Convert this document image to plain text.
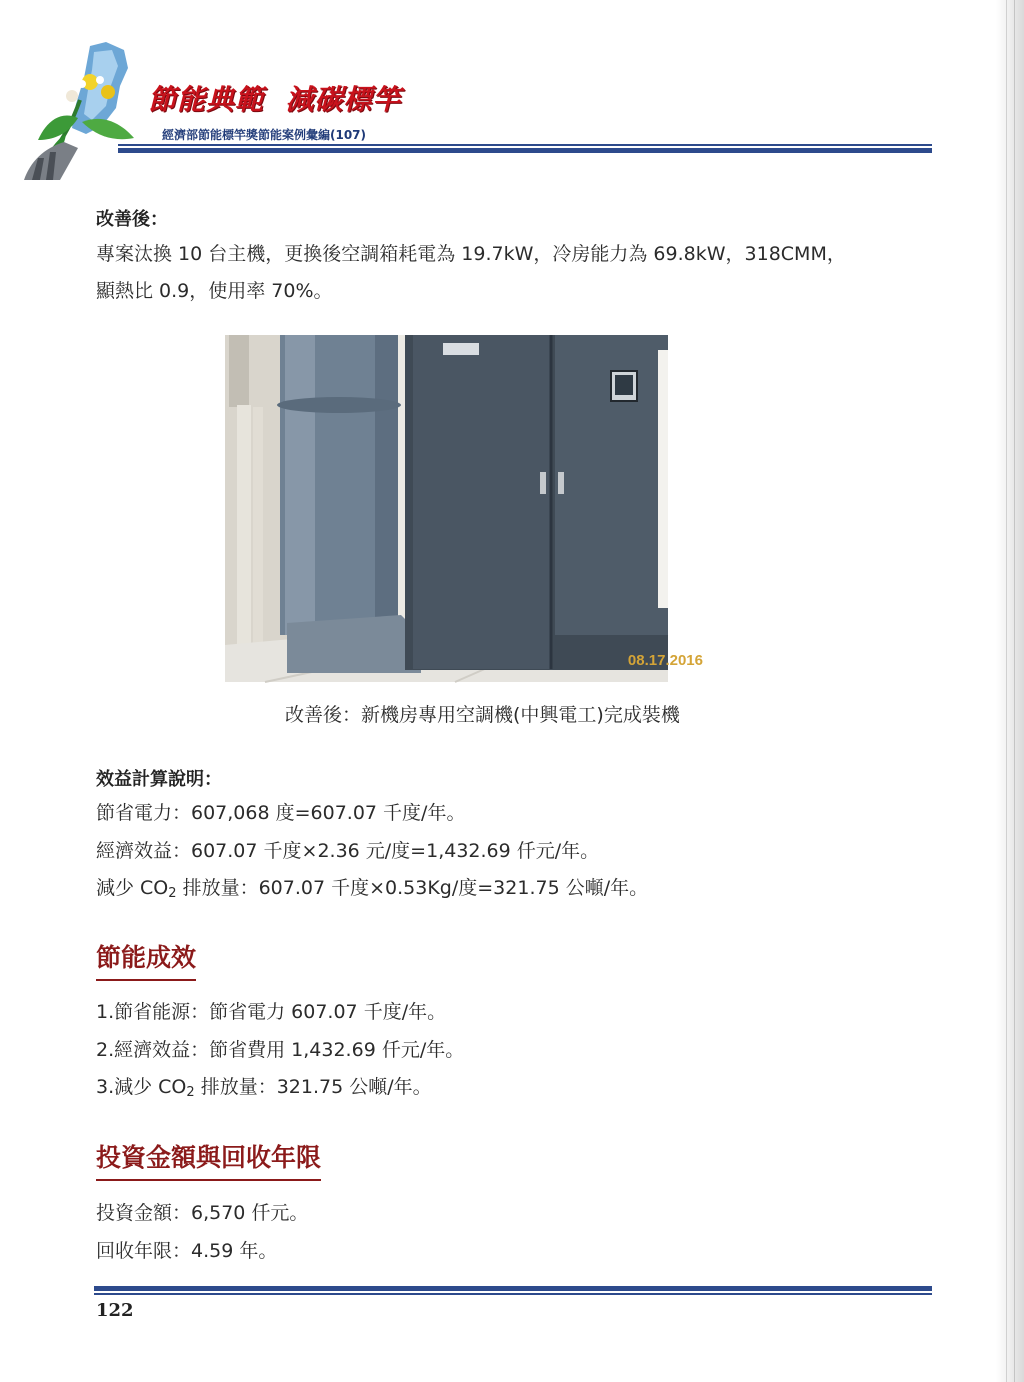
節能典範  減碳標竿
經濟部節能標竿獎節能案例彙編(107)
改善後：
專案汰換 10 台主機，更換後空調箱耗電為 19.7kW，冷房能力為 69.8kW，318CMM，
顯熱比 0.9，使用率 70%。
08.17.2016
改善後：新機房專用空調機(中興電工)完成裝機
效益計算說明：
節省電力：607,068 度=607.07 千度/年。
經濟效益：607.07 千度×2.36 元/度=1,432.69 仟元/年。
減少 $CO_2$ 排放量：607.07 千度×0.53Kg/度=321.75 公噸/年。
節能成效
1.節省能源：節省電力 607.07 千度/年。
2.經濟效益：節省費用 1,432.69 仟元/年。
3.減少 $CO_2$ 排放量：321.75 公噸/年。
投資金額與回收年限
投資金額：6,570 仟元。
回收年限：4.59 年。
122
